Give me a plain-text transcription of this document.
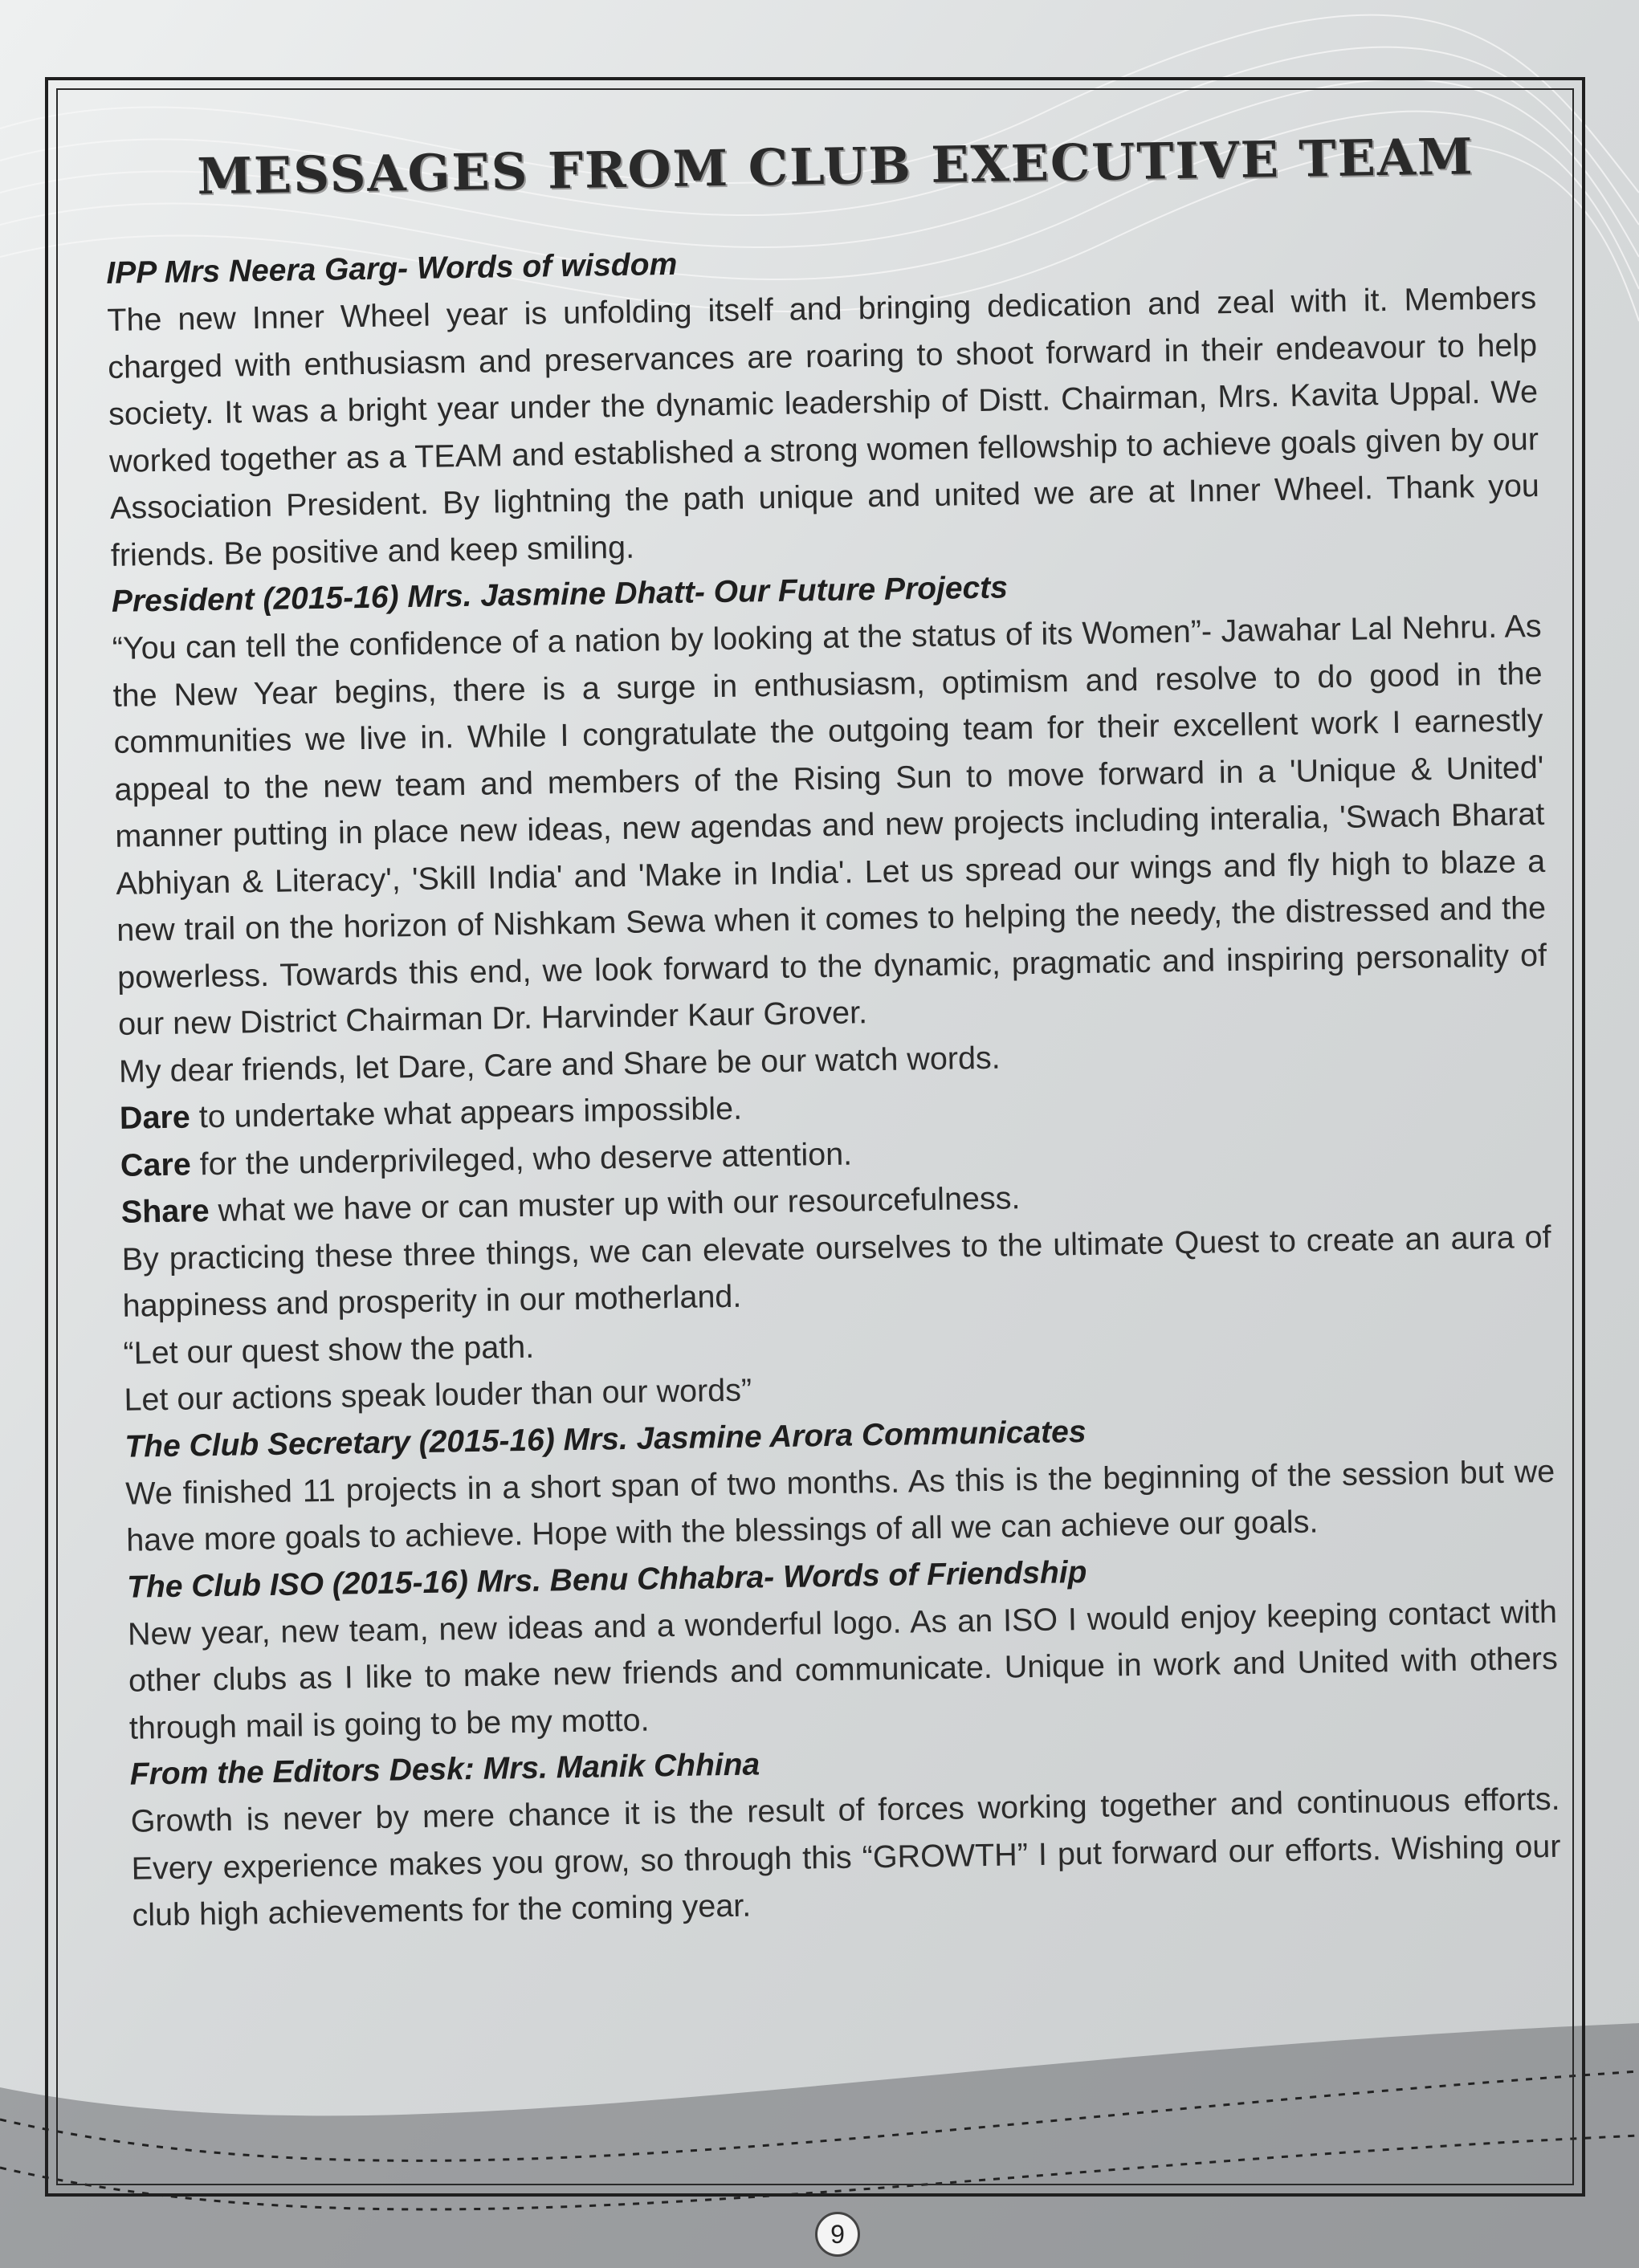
MESSAGES FROM CLUB EXECUTIVE TEAM

IPP Mrs Neera Garg- Words of wisdom

The new Inner Wheel year is unfolding itself and bringing dedication and zeal with it. Members charged with enthusiasm and preservances are roaring to shoot forward in their endeavour to help society. It was a bright year under the dynamic leadership of Distt. Chairman, Mrs. Kavita Uppal. We worked together as a TEAM and established a strong women fellowship to achieve goals given by our Association President. By lightning the path unique and united we are at Inner Wheel. Thank you friends. Be positive and keep smiling.

President (2015-16) Mrs. Jasmine Dhatt- Our Future Projects

“You can tell the confidence of a nation by looking at the status of its Women”- Jawahar Lal Nehru. As the New Year begins, there is a surge in enthusiasm, optimism and resolve to do good in the communities we live in. While I congratulate the outgoing team for their excellent work I earnestly appeal to the new team and members of the Rising Sun to move forward in a 'Unique & United' manner putting in place new ideas, new agendas and new projects including interalia, 'Swach Bharat Abhiyan & Literacy', 'Skill India' and 'Make in India'. Let us spread our wings and fly high to blaze a new trail on the horizon of Nishkam Sewa when it comes to helping the needy, the distressed and the powerless. Towards this end, we look forward to the dynamic, pragmatic and inspiring personality of our new District Chairman Dr. Harvinder Kaur Grover.

My dear friends, let Dare, Care and Share be our watch words.

Dare to undertake what appears impossible.

Care for the underprivileged, who deserve attention.

Share what we have or can muster up with our resourcefulness.

By practicing these three things, we can elevate ourselves to the ultimate Quest to create an aura of happiness and prosperity in our motherland.

“Let our quest show the path.

Let our actions speak louder than our words”

The Club Secretary (2015-16) Mrs. Jasmine Arora Communicates

We finished 11 projects in a short span of two months. As this is the beginning of the session but we have more goals to achieve. Hope with the blessings of all we can achieve our goals.

The Club ISO (2015-16) Mrs. Benu Chhabra- Words of Friendship

New year, new team, new ideas and a wonderful logo. As an ISO I would enjoy keeping contact with other clubs as I like to make new friends and communicate. Unique in work and United with others through mail is going to be my motto.

From the Editors Desk: Mrs. Manik Chhina

Growth is never by mere chance it is the result of forces working together and continuous efforts. Every experience makes you grow, so through this “GROWTH” I put forward our efforts. Wishing our club high achievements for the coming year.

9
